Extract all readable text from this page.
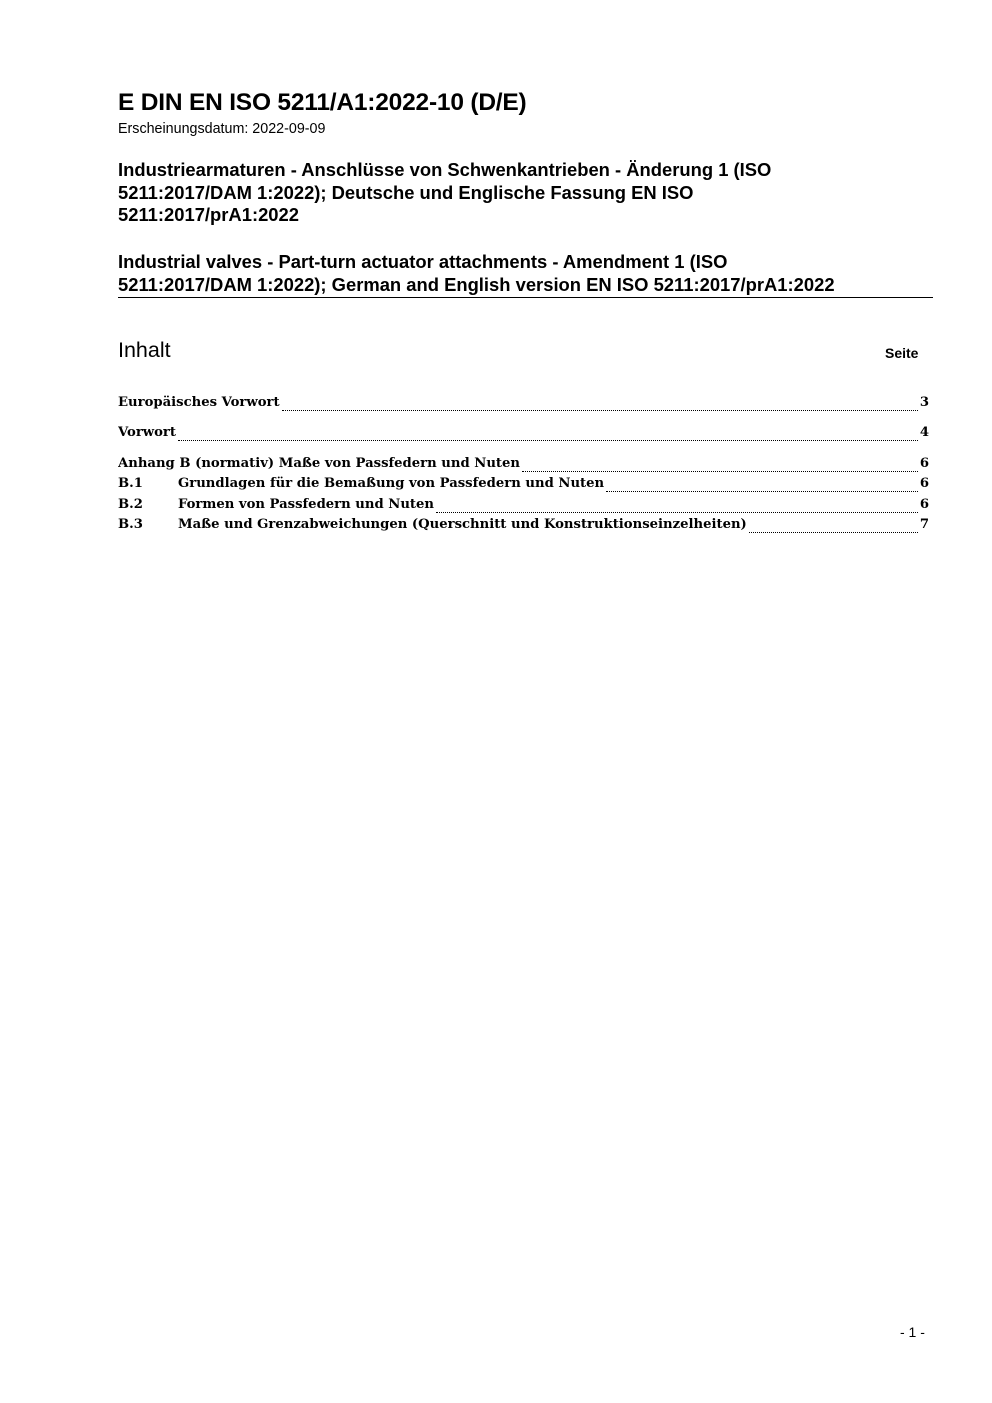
E DIN EN ISO 5211/A1:2022-10 (D/E)
Erscheinungsdatum: 2022-09-09
Industriearmaturen - Anschlüsse von Schwenkantrieben - Änderung 1 (ISO
5211:2017/DAM 1:2022); Deutsche und Englische Fassung EN ISO
5211:2017/prA1:2022
Industrial valves - Part-turn actuator attachments - Amendment 1 (ISO
5211:2017/DAM 1:2022); German and English version EN ISO 5211:2017/prA1:2022
Inhalt	Seite
Europäisches Vorwort	3
Vorwort	4
Anhang B (normativ) Maße von Passfedern und Nuten	6
B.1	Grundlagen für die Bemaßung von Passfedern und Nuten	6
B.2	Formen von Passfedern und Nuten	6
B.3	Maße und Grenzabweichungen (Querschnitt und Konstruktionseinzelheiten)	7
- 1 -
